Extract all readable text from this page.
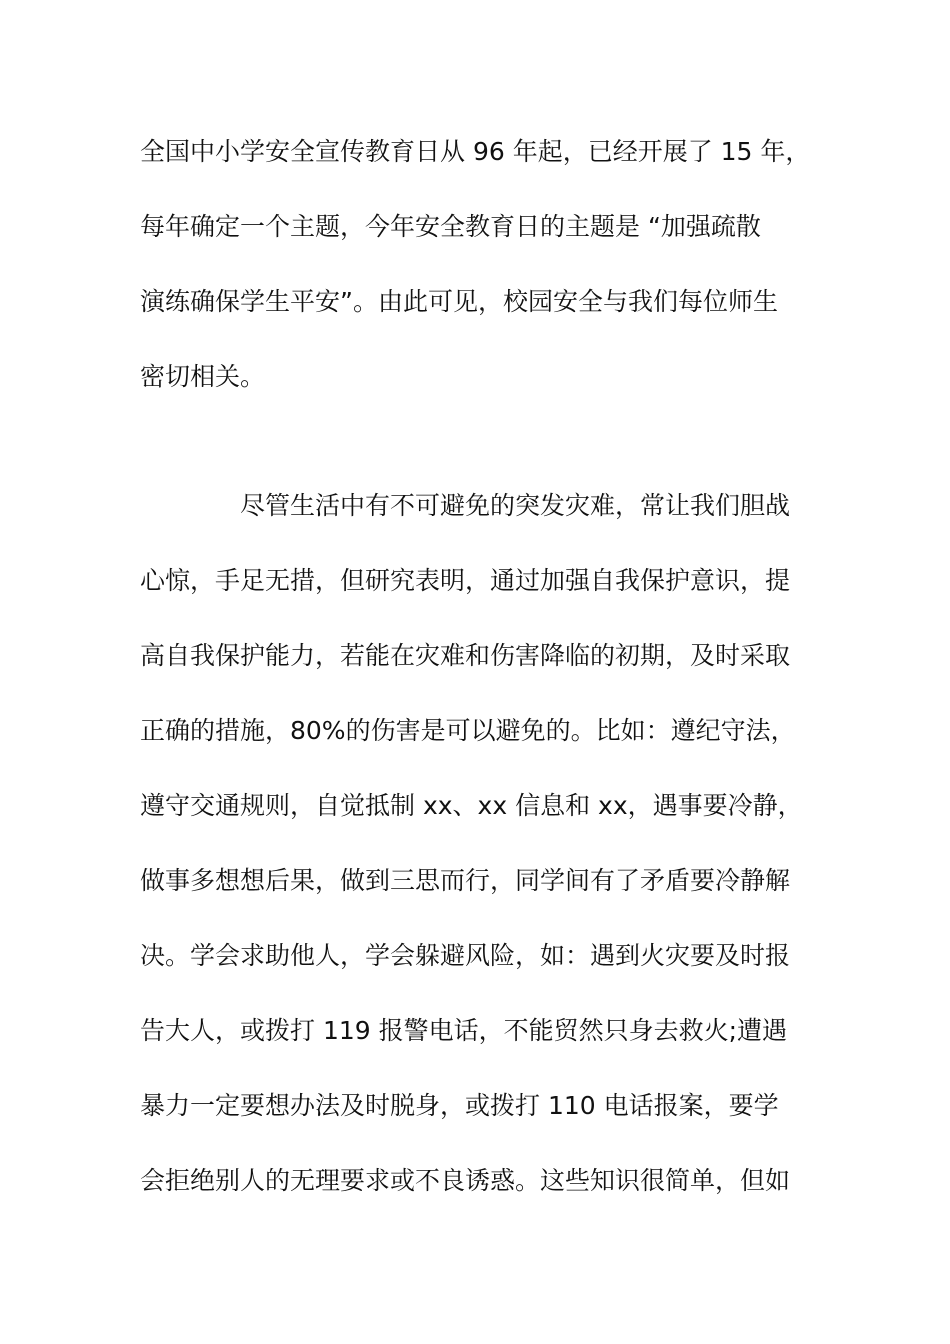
全国中小学安全宣传教育日从 96 年起，已经开展了 15 年，
每年确定一个主题，今年安全教育日的主题是 “加强疏散
演练确保学生平安”。由此可见，校园安全与我们每位师生
密切相关。
尽管生活中有不可避免的突发灾难，常让我们胆战
心惊，手足无措，但研究表明，通过加强自我保护意识，提
高自我保护能力，若能在灾难和伤害降临的初期，及时采取
正确的措施，80%的伤害是可以避免的。比如：遵纪守法，
遵守交通规则，自觉抵制 xx、xx 信息和 xx，遇事要冷静，
做事多想想后果，做到三思而行，同学间有了矛盾要冷静解
决。学会求助他人，学会躲避风险，如：遇到火灾要及时报
告大人，或拨打 119 报警电话，不能贸然只身去救火;遭遇
暴力一定要想办法及时脱身，或拨打 110 电话报案，要学
会拒绝别人的无理要求或不良诱惑。这些知识很简单，但如
